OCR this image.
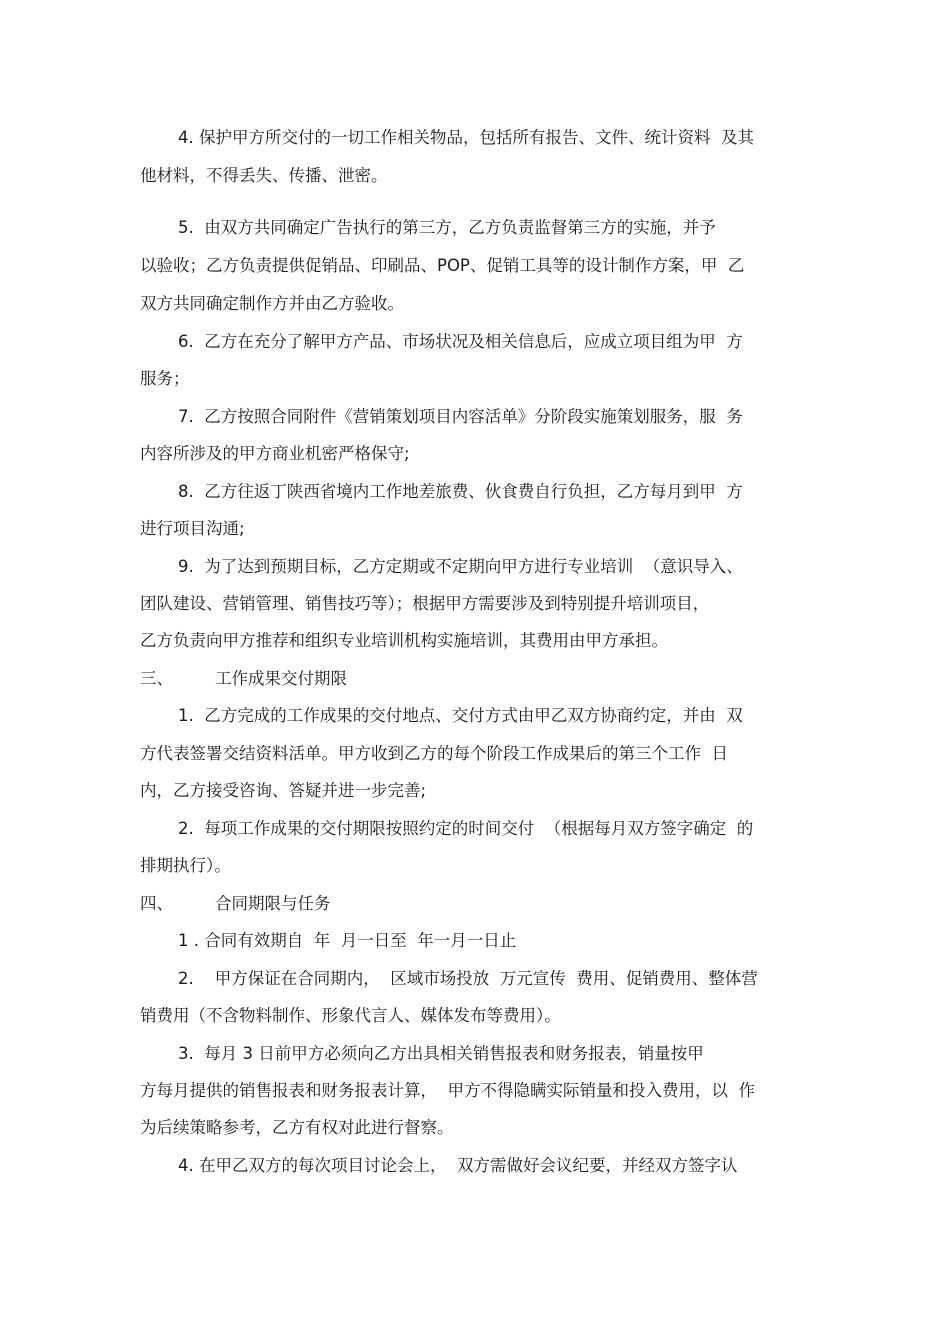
4. 保护甲方所交付的一切工作相关物品，包括所有报告、文件、统计资料  及其
他材料，不得丢失、传播、泄密。
5.  由双方共同确定广告执行的第三方，乙方负责监督第三方的实施，并予
以验收；乙方负责提供促销品、印刷品、POP、促销工具等的设计制作方案，甲  乙
双方共同确定制作方并由乙方验收。
6.  乙方在充分了解甲方产品、市场状况及相关信息后，应成立项目组为甲  方
服务；
7.  乙方按照合同附件《营销策划项目内容活单》分阶段实施策划服务，服  务
内容所涉及的甲方商业机密严格保守;
8.  乙方往返丁陕西省境内工作地差旅费、伙食费自行负担，乙方每月到甲  方
进行项目沟通;
9.  为了达到预期目标，乙方定期或不定期向甲方进行专业培训  （意识导入、
团队建设、营销管理、销售技巧等）；根据甲方需要涉及到特别提升培训项目，
乙方负责向甲方推荐和组织专业培训机构实施培训，其费用由甲方承担。
三、        工作成果交付期限
1.  乙方完成的工作成果的交付地点、交付方式由甲乙双方协商约定，并由  双
方代表签署交结资料活单。甲方收到乙方的每个阶段工作成果后的第三个工作  日
内，乙方接受咨询、答疑并进一步完善;
2.  每项工作成果的交付期限按照约定的时间交付  （根据每月双方签字确定  的
排期执行）。
四、        合同期限与任务
1 . 合同有效期自  年  月一日至  年一月一日止
2.    甲方保证在合同期内，  区域市场投放  万元宣传  费用、促销费用、整体营
销费用（不含物料制作、形象代言人、媒体发布等费用）。
3.  每月 3 日前甲方必须向乙方出具相关销售报表和财务报表，销量按甲
方每月提供的销售报表和财务报表计算，  甲方不得隐瞒实际销量和投入费用，以  作
为后续策略参考，乙方有权对此进行督察。
4. 在甲乙双方的每次项目讨论会上，  双方需做好会议纪要，并经双方签字认
